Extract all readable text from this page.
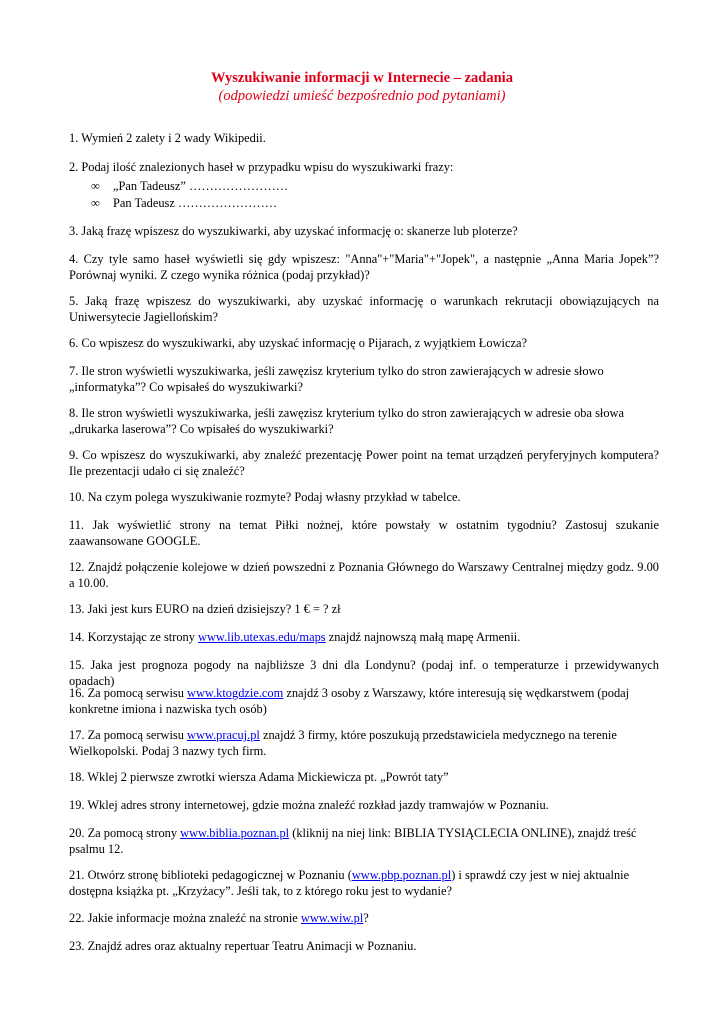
Wyszukiwanie informacji w Internecie – zadania
(odpowiedzi umieść bezpośrednio pod pytaniami)
1. Wymień 2 zalety i 2 wady Wikipedii.
2. Podaj ilość znalezionych haseł w przypadku wpisu do wyszukiwarki frazy:
∞ „Pan Tadeusz” ……………………
∞ Pan Tadeusz ……………………
3. Jaką frazę wpiszesz do wyszukiwarki, aby uzyskać informację o: skanerze lub ploterze?
4. Czy tyle samo haseł wyświetli się gdy wpiszesz: "Anna"+"Maria"+"Jopek", a następnie „Anna Maria Jopek”? Porównaj wyniki. Z czego wynika różnica (podaj przykład)?
5. Jaką frazę wpiszesz do wyszukiwarki, aby uzyskać informację o warunkach rekrutacji obowiązujących na Uniwersytecie Jagiellońskim?
6. Co wpiszesz do wyszukiwarki, aby uzyskać informację o Pijarach, z wyjątkiem Łowicza?
7. Ile stron wyświetli wyszukiwarka, jeśli zawęzisz kryterium tylko do stron zawierających w adresie słowo
„informatyka”? Co wpisałeś do wyszukiwarki?
8. Ile stron wyświetli wyszukiwarka, jeśli zawęzisz kryterium tylko do stron zawierających w adresie oba słowa
„drukarka laserowa”? Co wpisałeś do wyszukiwarki?
9. Co wpiszesz do wyszukiwarki, aby znaleźć prezentację Power point na temat urządzeń peryferyjnych komputera? Ile prezentacji udało ci się znaleźć?
10. Na czym polega wyszukiwanie rozmyte? Podaj własny przykład w tabelce.
11. Jak wyświetlić strony na temat Piłki nożnej, które powstały w ostatnim tygodniu? Zastosuj szukanie zaawansowane GOOGLE.
12. Znajdź połączenie kolejowe w dzień powszedni z Poznania Głównego do Warszawy Centralnej między godz. 9.00 a 10.00.
13. Jaki jest kurs EURO na dzień dzisiejszy? 1 € = ? zł
14. Korzystając ze strony www.lib.utexas.edu/maps znajdź najnowszą małą mapę Armenii.
15. Jaka jest prognoza pogody na najbliższe 3 dni dla Londynu? (podaj inf. o temperaturze i przewidywanych opadach)
16. Za pomocą serwisu www.ktogdzie.com znajdź 3 osoby z Warszawy, które interesują się wędkarstwem (podaj
konkretne imiona i nazwiska tych osób)
17. Za pomocą serwisu www.pracuj.pl znajdź 3 firmy, które poszukują przedstawiciela medycznego na terenie
Wielkopolski. Podaj 3 nazwy tych firm.
18. Wklej 2 pierwsze zwrotki wiersza Adama Mickiewicza pt. „Powrót taty”
19. Wklej adres strony internetowej, gdzie można znaleźć rozkład jazdy tramwajów w Poznaniu.
20. Za pomocą strony www.biblia.poznan.pl (kliknij na niej link: BIBLIA TYSIĄCLECIA ONLINE), znajdź treść
psalmu 12.
21. Otwórz stronę biblioteki pedagogicznej w Poznaniu (www.pbp.poznan.pl) i sprawdź czy jest w niej aktualnie
dostępna książka pt. „Krzyżacy”. Jeśli tak, to z którego roku jest to wydanie?
22. Jakie informacje można znaleźć na stronie www.wiw.pl?
23. Znajdź adres oraz aktualny repertuar Teatru Animacji w Poznaniu.
